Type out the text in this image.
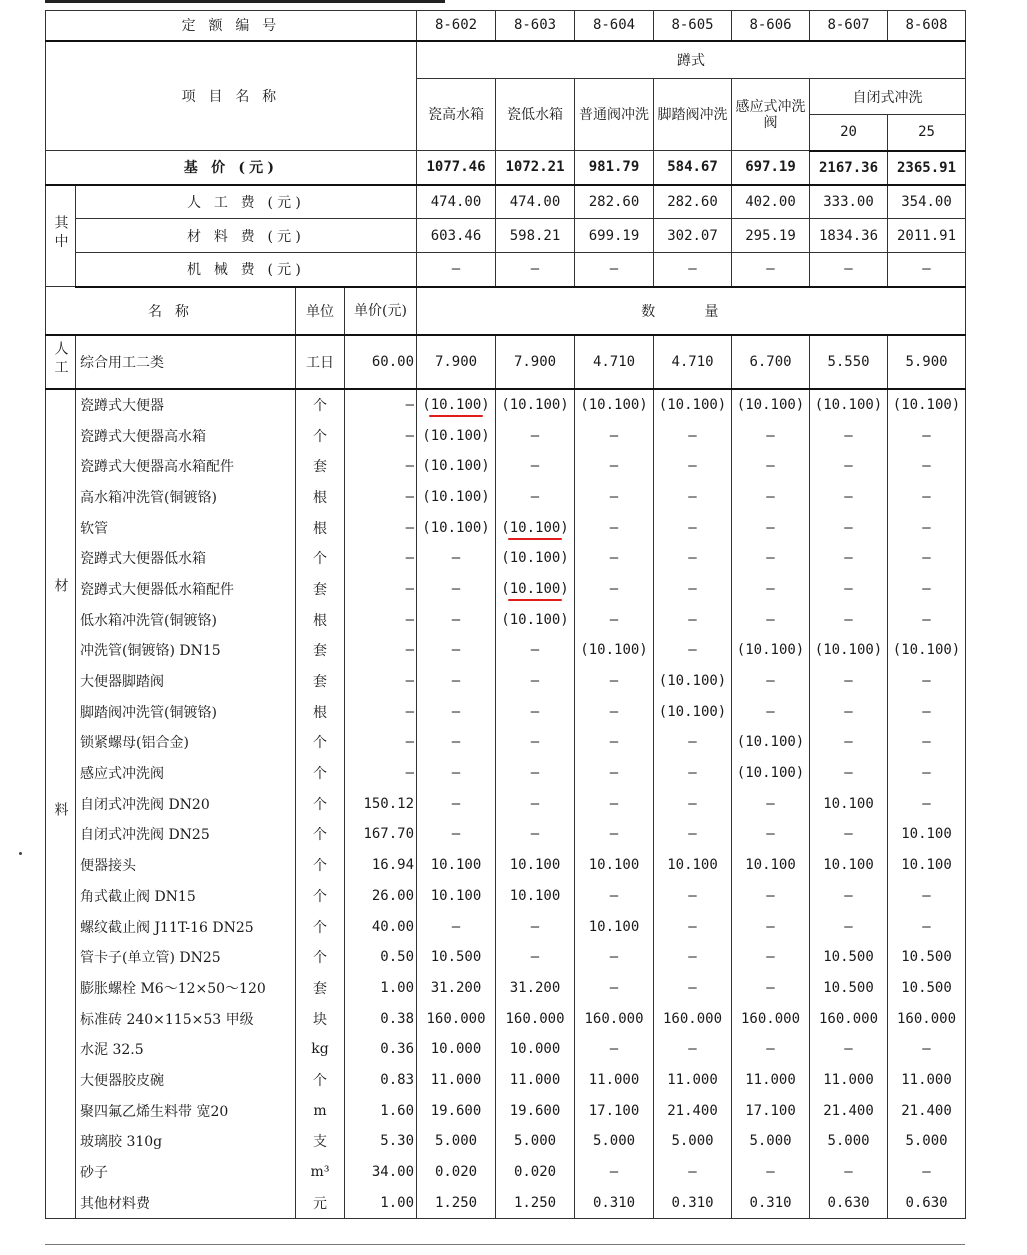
定 额 编 号				8-602	8-603	8-604	8-605	8-606	8-607	8-608
项 目 名 称				蹲式						
				瓷高水箱	瓷低水箱	普通阀冲洗	脚踏阀冲洗	感应式冲洗阀	自闭式冲洗	
									20	25
基 价 (元)				1077.46	1072.21	981.79	584.67	697.19	2167.36	2365.91
其中	人 工 费 (元)			474.00	474.00	282.60	282.60	402.00	333.00	354.00
	材 料 费 (元)			603.46	598.21	699.19	302.07	295.19	1834.36	2011.91
	机 械 费 (元)			–	–	–	–	–	–	–
名 称		单位	单价(元)	数 量						
人工	综合用工二类	工日	60.00	7.900	7.900	4.710	4.710	6.700	5.550	5.900
材料	瓷蹲式大便器	个	–	(10.100)	(10.100)	(10.100)	(10.100)	(10.100)	(10.100)	(10.100)
	瓷蹲式大便器高水箱	个	–	(10.100)	–	–	–	–	–	–
	瓷蹲式大便器高水箱配件	套	–	(10.100)	–	–	–	–	–	–
	高水箱冲洗管(铜镀铬)	根	–	(10.100)	–	–	–	–	–	–
	软管	根	–	(10.100)	(10.100)	–	–	–	–	–
	瓷蹲式大便器低水箱	个	–	–	(10.100)	–	–	–	–	–
	瓷蹲式大便器低水箱配件	套	–	–	(10.100)	–	–	–	–	–
	低水箱冲洗管(铜镀铬)	根	–	–	(10.100)	–	–	–	–	–
	冲洗管(铜镀铬) DN15	套	–	–	–	(10.100)	–	(10.100)	(10.100)	(10.100)
	大便器脚踏阀	套	–	–	–	–	(10.100)	–	–	–
	脚踏阀冲洗管(铜镀铬)	根	–	–	–	–	(10.100)	–	–	–
	锁紧螺母(铝合金)	个	–	–	–	–	–	(10.100)	–	–
	感应式冲洗阀	个	–	–	–	–	–	(10.100)	–	–
	自闭式冲洗阀 DN20	个	150.12	–	–	–	–	–	10.100	–
	自闭式冲洗阀 DN25	个	167.70	–	–	–	–	–	–	10.100
	便器接头	个	16.94	10.100	10.100	10.100	10.100	10.100	10.100	10.100
	角式截止阀 DN15	个	26.00	10.100	10.100	–	–	–	–	–
	螺纹截止阀 J11T-16 DN25	个	40.00	–	–	10.100	–	–	–	–
	管卡子(单立管) DN25	个	0.50	10.500	–	–	–	–	10.500	10.500
	膨胀螺栓 M6～12×50～120	套	1.00	31.200	31.200	–	–	–	10.500	10.500
	标准砖 240×115×53 甲级	块	0.38	160.000	160.000	160.000	160.000	160.000	160.000	160.000
	水泥 32.5	kg	0.36	10.000	10.000	–	–	–	–	–
	大便器胶皮碗	个	0.83	11.000	11.000	11.000	11.000	11.000	11.000	11.000
	聚四氟乙烯生料带 宽20	m	1.60	19.600	19.600	17.100	21.400	17.100	21.400	21.400
	玻璃胶 310g	支	5.30	5.000	5.000	5.000	5.000	5.000	5.000	5.000
	砂子	m³	34.00	0.020	0.020	–	–	–	–	–
	其他材料费	元	1.00	1.250	1.250	0.310	0.310	0.310	0.630	0.630
